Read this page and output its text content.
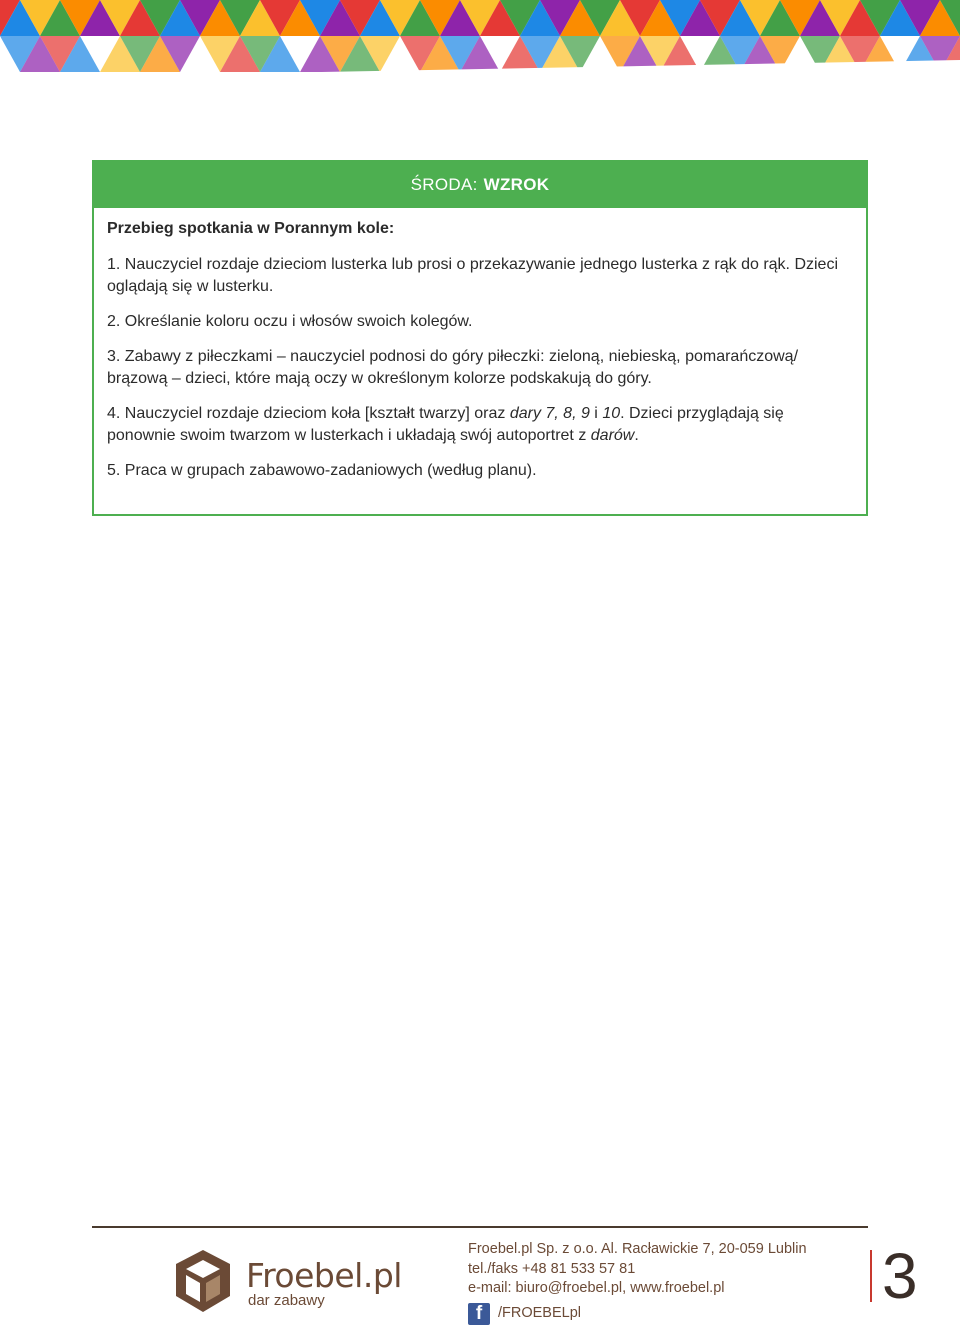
ŚRODA: WZROK

Przebieg spotkania w Porannym kole:

1. Nauczyciel rozdaje dzieciom lusterka lub prosi o przekazywanie jednego lusterka z rąk do rąk. Dzieci oglądają się w lusterku.

2. Określanie koloru oczu i włosów swoich kolegów.

3. Zabawy z piłeczkami – nauczyciel podnosi do góry piłeczki: zieloną, niebieską, pomarańczową/ brązową – dzieci, które mają oczy w określonym kolorze podskakują do góry.

4. Nauczyciel rozdaje dzieciom koła [kształt twarzy] oraz dary 7, 8, 9 i 10. Dzieci przyglądają się ponownie swoim twarzom w lusterkach i układają swój autoportret z darów.

5. Praca w grupach zabawowo-zadaniowych (według planu).

Froebel.pl
dar zabawy
Froebel.pl Sp. z o.o. Al. Racławickie 7, 20-059 Lublin
tel./faks +48 81 533 57 81
e-mail: biuro@froebel.pl, www.froebel.pl
f	/FROEBELpl
3
